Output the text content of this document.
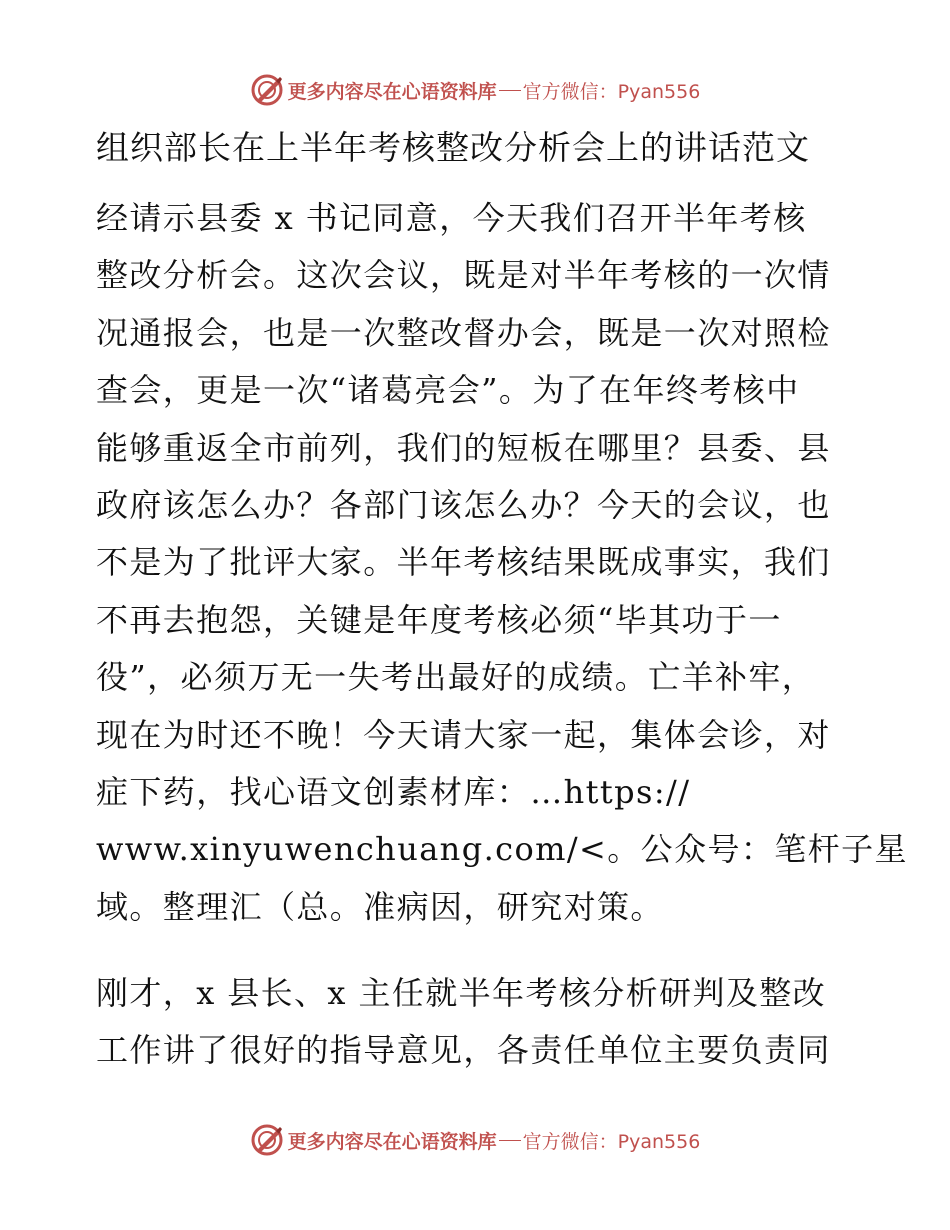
更多内容尽在心语资料库 官方微信：Pyan556
组织部长在上半年考核整改分析会上的讲话范文
经请示县委 x 书记同意，今天我们召开半年考核
整改分析会。这次会议，既是对半年考核的一次情
况通报会，也是一次整改督办会，既是一次对照检
查会，更是一次“诸葛亮会”。为了在年终考核中
能够重返全市前列，我们的短板在哪里？县委、县
政府该怎么办？各部门该怎么办？今天的会议，也
不是为了批评大家。半年考核结果既成事实，我们
不再去抱怨，关键是年度考核必须“毕其功于一
役”，必须万无一失考出最好的成绩。亡羊补牢，
现在为时还不晚！今天请大家一起，集体会诊，对
症下药，找心语文创素材库：…https://
www.xinyuwenchuang.com/<。公众号：笔杆子星
域。整理汇（总。准病因，研究对策。
刚才，x 县长、x 主任就半年考核分析研判及整改
工作讲了很好的指导意见，各责任单位主要负责同
更多内容尽在心语资料库 官方微信：Pyan556
